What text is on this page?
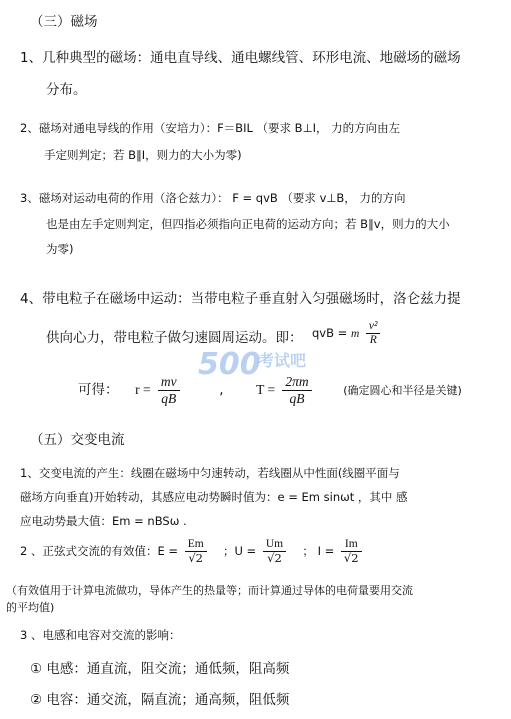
（三）磁场
1、几种典型的磁场：通电直导线、通电螺线管、环形电流、地磁场的磁场
分布。
2、磁场对通电导线的作用（安培力）：F＝BIL （要求 B⊥I， 力的方向由左
手定则判定；若 B∥I，则力的大小为零)
3、磁场对运动电荷的作用（洛仑兹力）： F = qvB （要求 v⊥B， 力的方向
也是由左手定则判定，但四指必须指向正电荷的运动方向；若 B∥v，则力的大小
为零)
4、带电粒子在磁场中运动：当带电粒子垂直射入匀强磁场时，洛仑兹力提
供向心力，带电粒子做匀速圆周运动。即： qvB = m $\frac{\text{v²}}{R}$
500
考试吧
可得： $r = \frac{mv}{qB}$	, $T = \frac{2\pi m}{qB}$	(确定圆心和半径是关键)
（五）交变电流
1、交变电流的产生：线圈在磁场中匀速转动，若线圈从中性面(线圈平面与
磁场方向垂直)开始转动，其感应电动势瞬时值为：e = Em sinωt ，其中 感
应电动势最大值：Em = nBSω .
2 、正弦式交流的有效值：$E = \frac{Em}{√2}$ ；$U = \frac{Um}{√2}$ ； $I = \frac{Im}{√2}$
（有效值用于计算电流做功，导体产生的热量等；而计算通过导体的电荷量要用交流
的平均值)
3 、电感和电容对交流的影响：
① 电感：通直流，阻交流；通低频，阻高频
② 电容：通交流，隔直流；通高频，阻低频
